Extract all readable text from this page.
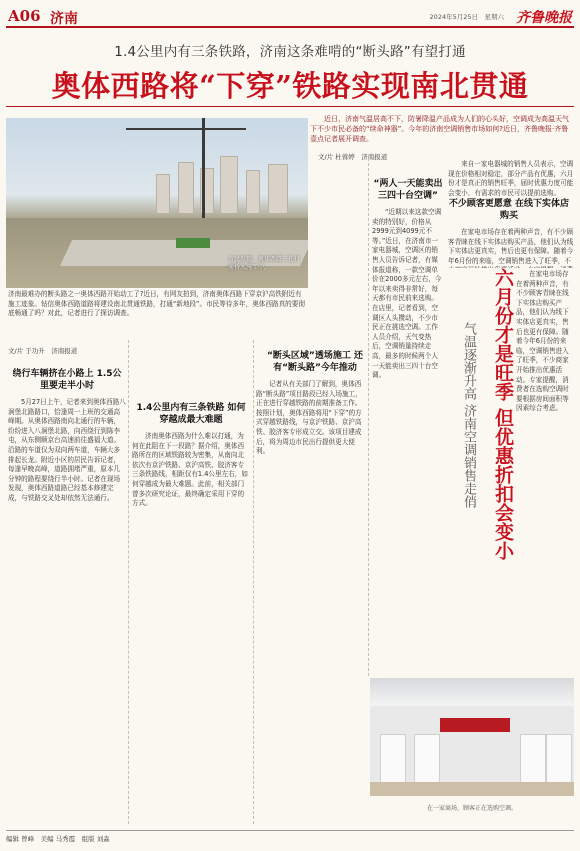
A06 济南	2024年5月25日　星期六 齐鲁晚报
1.4公里内有三条铁路，济南这条难啃的“断头路”有望打通
奥体西路将“下穿”铁路实现南北贯通
市民发现，奥体西路三孔行通桥入施工中。
济南最难办的断头路之一奥体西路开始动工了?近日，有网友拍到，济南奥体西路下穿京沪高铁附近有施工迹象。钻信奥体西路道路将建设南北贯通铁路，打通“新地段”。市民等待多年，奥体西路真的要彻底畅通了吗？对此，记者进行了探访调查。
近日，济南气温居高不下，防暑降温产品成为人们的心头好，空调成为高温天气下不少市民必备的“续命神器”。今年的济南空调销售市场如何?近日，齐鲁晚报·齐鲁壹点记者展开调查。
文/片 杜蓉婷　济南报道
文/片 于功升　济南报道
绕行车辆挤在小路上 1.5公里要走半小时
5月27日上午，记者来到奥体西路八涧堡北路路口，恰逢周一上班的交通高峰期。从奥体西路南向北通行的车辆，纷纷进入八涧堡北路，向西绕行到陈李屯，从东侧顺京台高速前往盛福大道。沿路的车道仅为双向两车道，车辆大多排起长龙。附近小区的居民告诉记者，每逢早晚高峰，道路拥堵严重，原本几分钟的路程要绕行半小时。记者在现场发现，奥体西路道路已经基本修建完成，与铁路交叉处却依然无法通行。
1.4公里内有三条铁路 如何穿越成最大难题
济南奥体西路为什么难以打通，为何在此阻在下一段路？据介绍，奥体西路所在的区域铁路较为密集，从南向北依次有京沪铁路、京沪高铁、胶济客专三条铁路线，相距仅有1.4公里左右，如何穿越成为最大难题。此前，相关部门曾多次研究论证，最终确定采用下穿的方式。
“断头区域”透场施工 还有“断头路”今年推动
记者从有关部门了解到，奥体西路“断头路”项目路段已经入场施工，正在进行穿越铁路的前期准备工作。按照计划，奥体西路将用“下穿”的方式穿越铁路线，与京沪铁路、京沪高铁、胶济客专形成立交。该项目建成后，将为周边市民出行提供更大便利。
“两人一天能卖出三四十台空调”
“近期以来这款空调卖的特别好，价格从2999元到4099元不等。”近日，在济南市一家电器城，空调区的销售人员告诉记者，有媒体报道称，一款空调单价在2000多元左右，今年以来卖得非常好，每天都有市民前来选购。在店里，记者看到，空调区人头攒动，不少市民正在挑选空调。工作人员介绍，天气变热后，空调销量持续走高，最多的时候两个人一天能卖出三四十台空调。	气温逐渐升高 济南空调销售走俏
不少顾客更愿意 在线下实体店购买
来自一家电器城的销售人员表示，空调现在价格相对稳定，部分产品有优惠，六月份才是真正的销售旺季，届时优惠力度可能会变小，有需求的市民可以提前选购。
在家电市场存在着两种声音，有不少顾客青睐在线下实体店购买产品，他们认为线下实体店更真实，售后也更有保障。随着今年6月份的来临，空调销售进入了旺季，不
六月份才是旺季 但优惠折扣会变小	在家电市场存在着两种声音，有不少顾客青睐在线下实体店购买产品，他们认为线下实体店更真实，售后也更有保障。随着今年6月份的来临，空调销售进入了旺季，不少商家开始推出优惠活动。专家提醒，消费者在选购空调时要根据房间面积等因素综合考虑。
在一家商场，顾客正在选购空调。
编辑 曾峰　美编 马秀霞　组版 刘淼
